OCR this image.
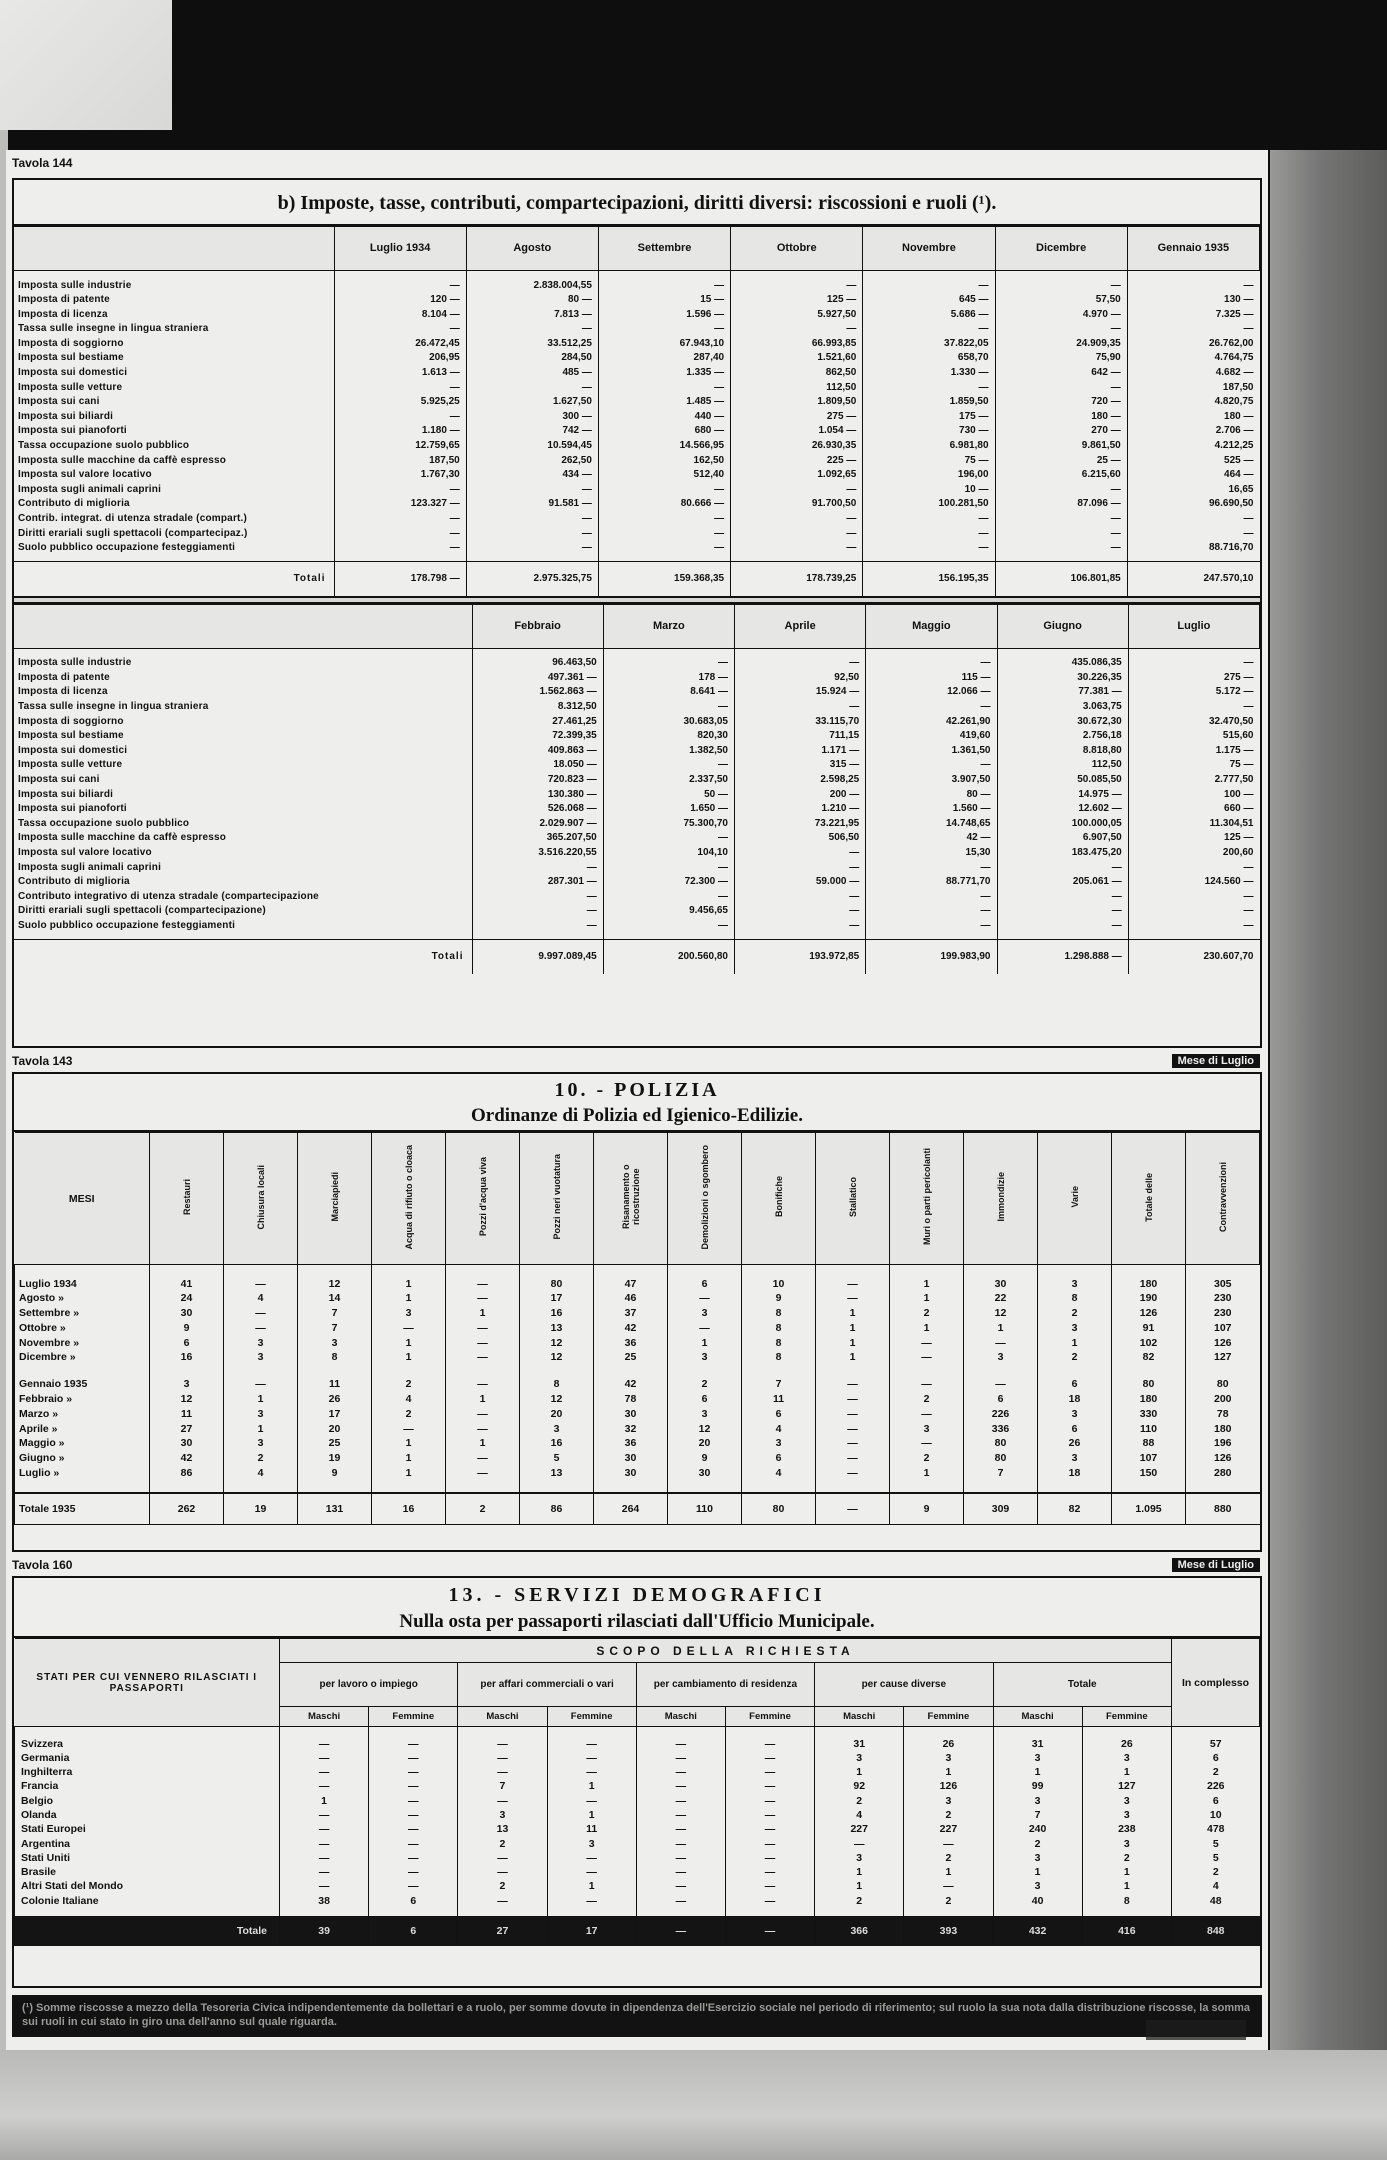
Tavola 144
b) Imposte, tasse, contributi, compartecipazioni, diritti diversi: riscossioni e ruoli (¹).
	Luglio 1934	Agosto	Settembre	Ottobre	Novembre	Dicembre	Gennaio 1935

Imposta sulle industrie	—	2.838.004,55	—	—	—	—	—
Imposta di patente	120 —	80 —	15 —	125 —	645 —	57,50	130 —
Imposta di licenza	8.104 —	7.813 —	1.596 —	5.927,50	5.686 —	4.970 —	7.325 —
Tassa sulle insegne in lingua straniera	—	—	—	—	—	—	—
Imposta di soggiorno	26.472,45	33.512,25	67.943,10	66.993,85	37.822,05	24.909,35	26.762,00
Imposta sul bestiame	206,95	284,50	287,40	1.521,60	658,70	75,90	4.764,75
Imposta sui domestici	1.613 —	485 —	1.335 —	862,50	1.330 —	642 —	4.682 —
Imposta sulle vetture	—	—	—	112,50	—	—	187,50
Imposta sui cani	5.925,25	1.627,50	1.485 —	1.809,50	1.859,50	720 —	4.820,75
Imposta sui biliardi	—	300 —	440 —	275 —	175 —	180 —	180 —
Imposta sui pianoforti	1.180 —	742 —	680 —	1.054 —	730 —	270 —	2.706 —
Tassa occupazione suolo pubblico	12.759,65	10.594,45	14.566,95	26.930,35	6.981,80	9.861,50	4.212,25
Imposta sulle macchine da caffè espresso	187,50	262,50	162,50	225 —	75 —	25 —	525 —
Imposta sul valore locativo	1.767,30	434 —	512,40	1.092,65	196,00	6.215,60	464 —
Imposta sugli animali caprini	—	—	—	—	10 —	—	16,65
Contributo di miglioria	123.327 —	91.581 —	80.666 —	91.700,50	100.281,50	87.096 —	96.690,50
Contrib. integrat. di utenza stradale (compart.)	—	—	—	—	—	—	—
Diritti erariali sugli spettacoli (compartecipaz.)	—	—	—	—	—	—	—
Suolo pubblico occupazione festeggiamenti	—	—	—	—	—	—	88.716,70

Totali	178.798 —	2.975.325,75	159.368,35	178.739,25	156.195,35	106.801,85	247.570,10
	Febbraio	Marzo	Aprile	Maggio	Giugno	Luglio

Imposta sulle industrie	96.463,50	—	—	—	435.086,35	—
Imposta di patente	497.361 —	178 —	92,50	115 —	30.226,35	275 —
Imposta di licenza	1.562.863 —	8.641 —	15.924 —	12.066 —	77.381 —	5.172 —
Tassa sulle insegne in lingua straniera	8.312,50	—	—	—	3.063,75	—
Imposta di soggiorno	27.461,25	30.683,05	33.115,70	42.261,90	30.672,30	32.470,50
Imposta sul bestiame	72.399,35	820,30	711,15	419,60	2.756,18	515,60
Imposta sui domestici	409.863 —	1.382,50	1.171 —	1.361,50	8.818,80	1.175 —
Imposta sulle vetture	18.050 —	—	315 —	—	112,50	75 —
Imposta sui cani	720.823 —	2.337,50	2.598,25	3.907,50	50.085,50	2.777,50
Imposta sui biliardi	130.380 —	50 —	200 —	80 —	14.975 —	100 —
Imposta sui pianoforti	526.068 —	1.650 —	1.210 —	1.560 —	12.602 —	660 —
Tassa occupazione suolo pubblico	2.029.907 —	75.300,70	73.221,95	14.748,65	100.000,05	11.304,51
Imposta sulle macchine da caffè espresso	365.207,50	—	506,50	42 —	6.907,50	125 —
Imposta sul valore locativo	3.516.220,55	104,10	—	15,30	183.475,20	200,60
Imposta sugli animali caprini	—	—	—	—	—	—
Contributo di miglioria	287.301 —	72.300 —	59.000 —	88.771,70	205.061 —	124.560 —
Contributo integrativo di utenza stradale (compartecipazione	—	—	—	—	—	—
Diritti erariali sugli spettacoli (compartecipazione)	—	9.456,65	—	—	—	—
Suolo pubblico occupazione festeggiamenti	—	—	—	—	—	—

Totali	9.997.089,45	200.560,80	193.972,85	199.983,90	1.298.888 —	230.607,70
Tavola 143	Mese di Luglio
10. - POLIZIA
Ordinanze di Polizia ed Igienico-Edilizie.
MESI	Restauri	Chiusura locali	Marciapiedi	Acqua di rifiuto o cloaca	Pozzi d'acqua viva	Pozzi neri vuotatura	Risanamento o ricostruzione	Demolizioni o sgombero	Bonifiche	Stallatico	Muri o parti pericolanti	Immondizie	Varie	Totale delle	Contravvenzioni

Luglio 1934	41	—	12	1	—	80	47	6	10	—	1	30	3	180	305
Agosto »	24	4	14	1	—	17	46	—	9	—	1	22	8	190	230
Settembre »	30	—	7	3	1	16	37	3	8	1	2	12	2	126	230
Ottobre »	9	—	7	—	—	13	42	—	8	1	1	1	3	91	107
Novembre »	6	3	3	1	—	12	36	1	8	1	—	—	1	102	126
Dicembre »	16	3	8	1	—	12	25	3	8	1	—	3	2	82	127

Gennaio 1935	3	—	11	2	—	8	42	2	7	—	—	—	6	80	80
Febbraio »	12	1	26	4	1	12	78	6	11	—	2	6	18	180	200
Marzo »	11	3	17	2	—	20	30	3	6	—	—	226	3	330	78
Aprile »	27	1	20	—	—	3	32	12	4	—	3	336	6	110	180
Maggio »	30	3	25	1	1	16	36	20	3	—	—	80	26	88	196
Giugno »	42	2	19	1	—	5	30	9	6	—	2	80	3	107	126
Luglio »	86	4	9	1	—	13	30	30	4	—	1	7	18	150	280

Totale 1935	262	19	131	16	2	86	264	110	80	—	9	309	82	1.095	880
Tavola 160	Mese di Luglio
13. - SERVIZI DEMOGRAFICI
Nulla osta per passaporti rilasciati dall'Ufficio Municipale.
STATI PER CUI VENNERO RILASCIATI I PASSAPORTI	SCOPO DELLA RICHIESTA										In complesso
	per lavoro o impiego		per affari commerciali o vari		per cambiamento di residenza		per cause diverse		Totale		
	Maschi	Femmine	Maschi	Femmine	Maschi	Femmine	Maschi	Femmine	Maschi	Femmine	

Svizzera	—	—	—	—	—	—	31	26	31	26	57
Germania	—	—	—	—	—	—	3	3	3	3	6
Inghilterra	—	—	—	—	—	—	1	1	1	1	2
Francia	—	—	7	1	—	—	92	126	99	127	226
Belgio	1	—	—	—	—	—	2	3	3	3	6
Olanda	—	—	3	1	—	—	4	2	7	3	10
Stati Europei	—	—	13	11	—	—	227	227	240	238	478
Argentina	—	—	2	3	—	—	—	—	2	3	5
Stati Uniti	—	—	—	—	—	—	3	2	3	2	5
Brasile	—	—	—	—	—	—	1	1	1	1	2
Altri Stati del Mondo	—	—	2	1	—	—	1	—	3	1	4
Colonie Italiane	38	6	—	—	—	—	2	2	40	8	48

Totale	39	6	27	17	—	—	366	393	432	416	848
(¹) Somme riscosse a mezzo della Tesoreria Civica indipendentemente da bollettari e a ruolo, per somme dovute in dipendenza dell'Esercizio sociale nel periodo di riferimento; sul ruolo la sua nota dalla distribuzione riscosse, la somma sui ruoli in cui stato in giro una dell'anno sul quale riguarda.
